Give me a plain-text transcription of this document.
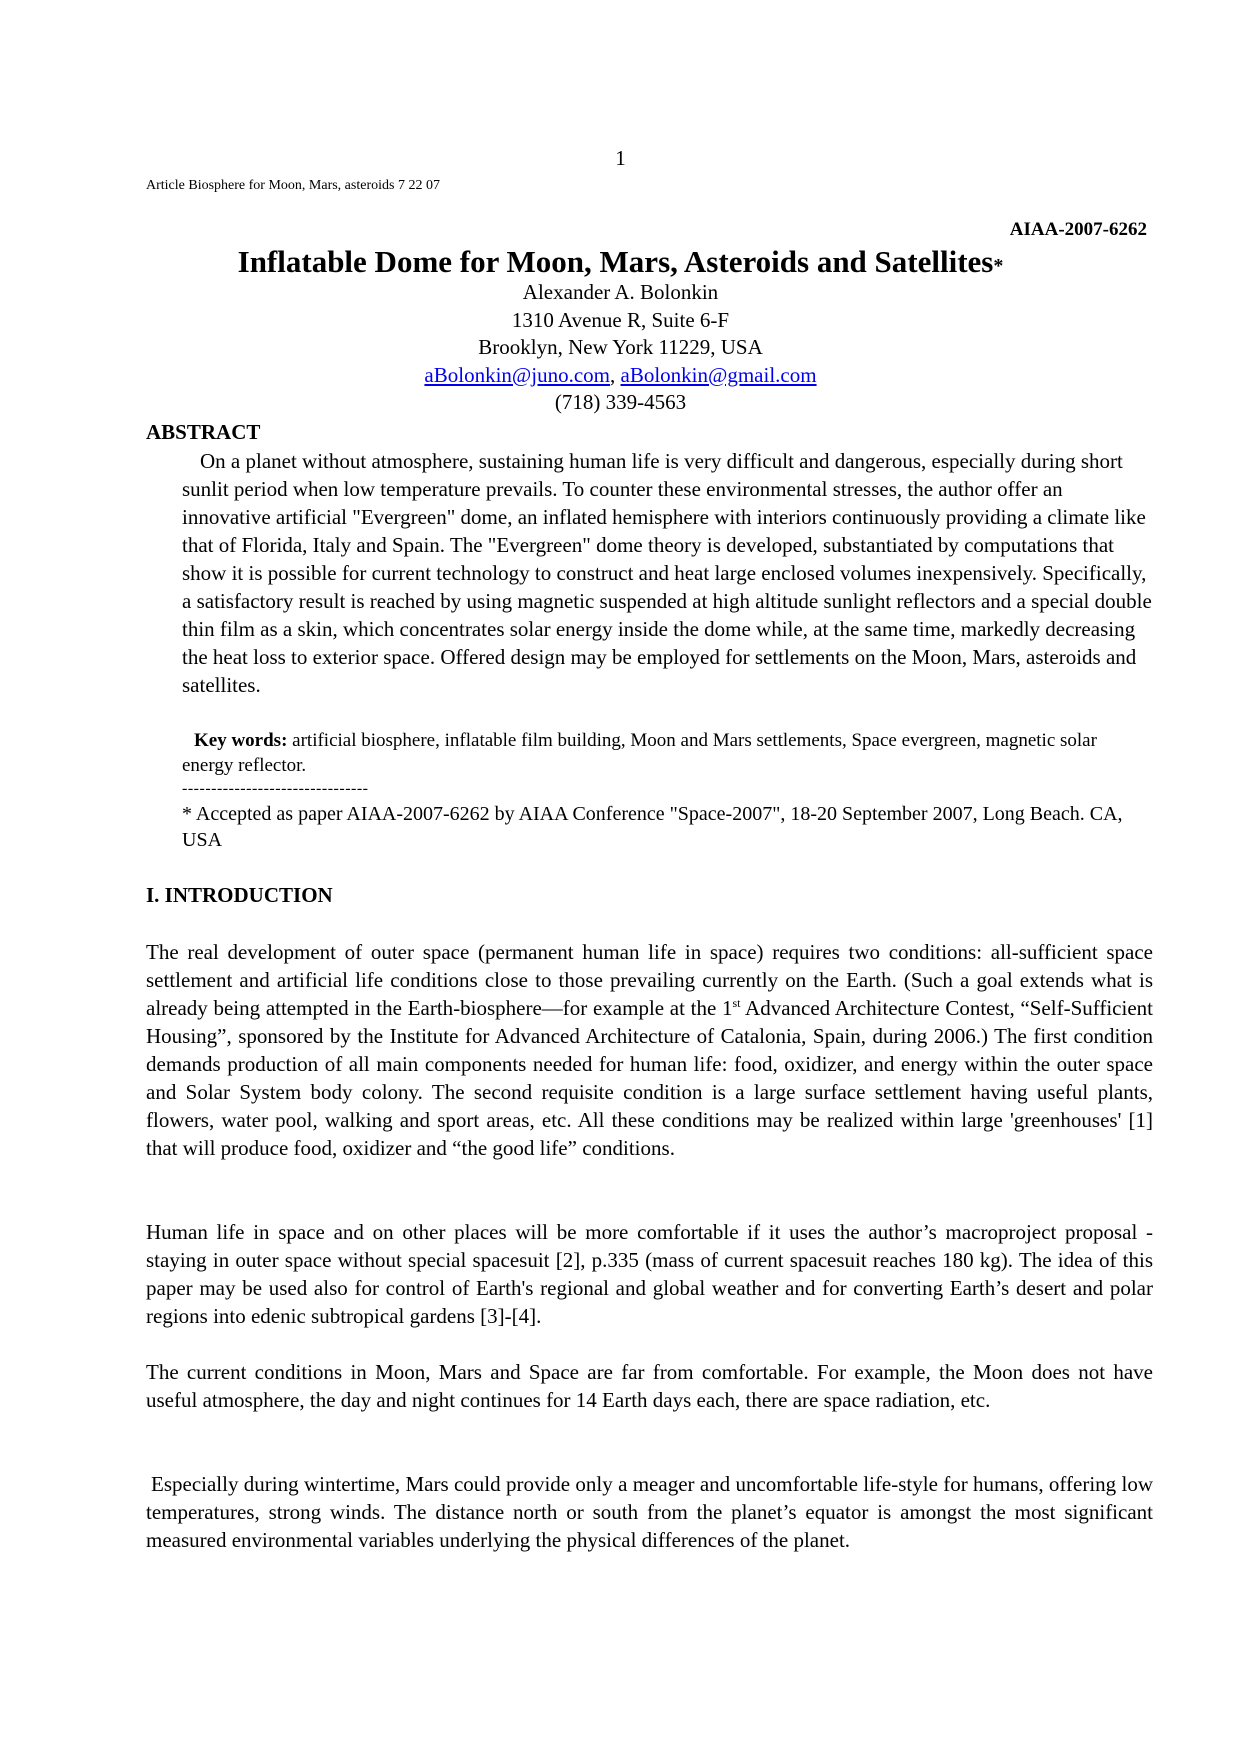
1
Article Biosphere for Moon, Mars, asteroids 7 22 07
AIAA-2007-6262
Inflatable Dome for Moon, Mars, Asteroids and Satellites*
Alexander A. Bolonkin
1310 Avenue R, Suite 6-F
Brooklyn, New York 11229, USA
aBolonkin@juno.com, aBolonkin@gmail.com
(718) 339-4563
ABSTRACT
On a planet without atmosphere, sustaining human life is very difficult and dangerous, especially during short sunlit period when low temperature prevails. To counter these environmental stresses, the author offer an innovative artificial "Evergreen" dome, an inflated hemisphere with interiors continuously providing a climate like that of Florida, Italy and Spain. The "Evergreen" dome theory is developed, substantiated by computations that show it is possible for current technology to construct and heat large enclosed volumes inexpensively. Specifically, a satisfactory result is reached by using magnetic suspended at high altitude sunlight reflectors and a special double thin film as a skin, which concentrates solar energy inside the dome while, at the same time, markedly decreasing the heat loss to exterior space. Offered design may be employed for settlements on the Moon, Mars, asteroids and satellites.
Key words: artificial biosphere, inflatable film building, Moon and Mars settlements, Space evergreen, magnetic solar energy reflector.
--------------------------------
* Accepted as paper AIAA-2007-6262 by AIAA Conference "Space-2007", 18-20 September 2007, Long Beach. CA, USA
I. INTRODUCTION
The real development of outer space (permanent human life in space) requires two conditions: all-sufficient space settlement and artificial life conditions close to those prevailing currently on the Earth. (Such a goal extends what is already being attempted in the Earth-biosphere—for example at the 1st Advanced Architecture Contest, “Self-Sufficient Housing”, sponsored by the Institute for Advanced Architecture of Catalonia, Spain, during 2006.) The first condition demands production of all main components needed for human life: food, oxidizer, and energy within the outer space and Solar System body colony. The second requisite condition is a large surface settlement having useful plants, flowers, water pool, walking and sport areas, etc. All these conditions may be realized within large 'greenhouses' [1] that will produce food, oxidizer and “the good life” conditions.
Human life in space and on other places will be more comfortable if it uses the author’s macroproject proposal - staying in outer space without special spacesuit [2], p.335 (mass of current spacesuit reaches 180 kg). The idea of this paper may be used also for control of Earth's regional and global weather and for converting Earth’s desert and polar regions into edenic subtropical gardens [3]-[4].
The current conditions in Moon, Mars and Space are far from comfortable. For example, the Moon does not have useful atmosphere, the day and night continues for 14 Earth days each, there are space radiation, etc.
Especially during wintertime, Mars could provide only a meager and uncomfortable life-style for humans, offering low temperatures, strong winds. The distance north or south from the planet’s equator is amongst the most significant measured environmental variables underlying the physical differences of the planet.
